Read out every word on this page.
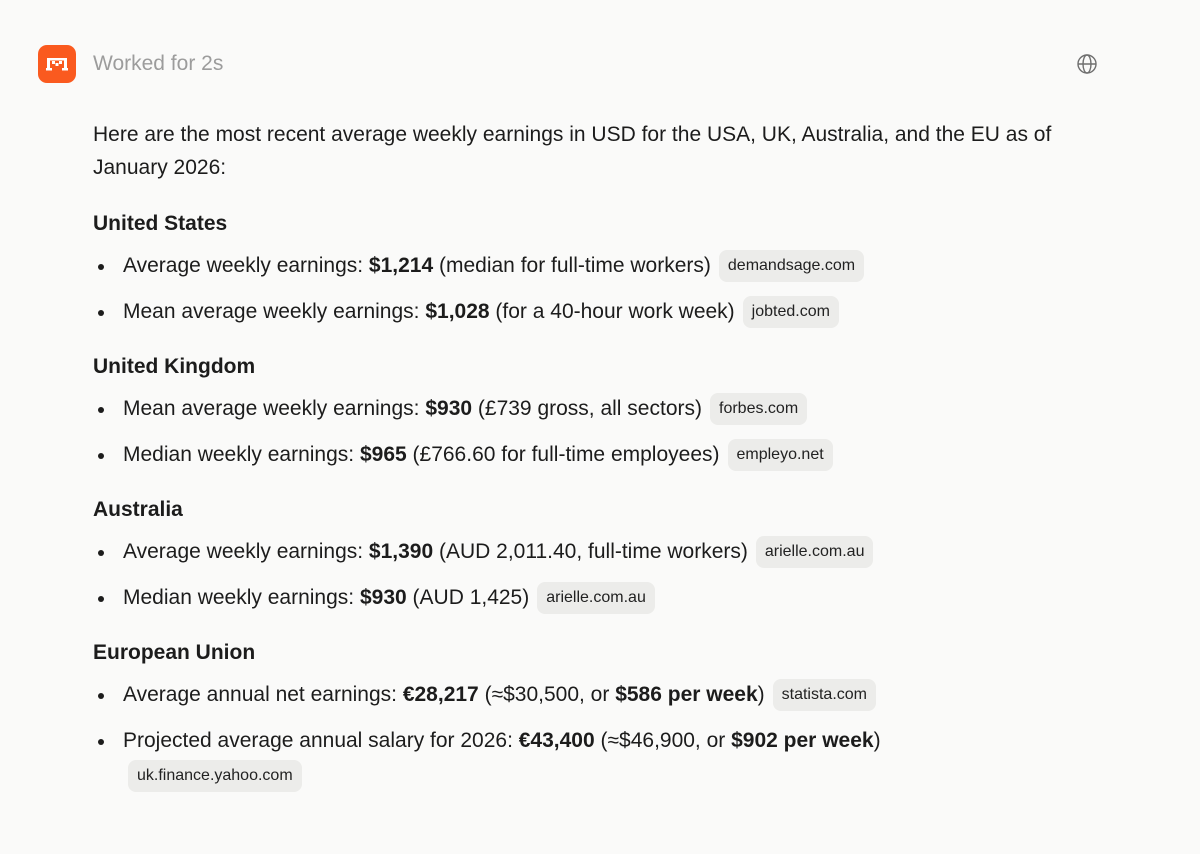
Worked for 2s

Here are the most recent average weekly earnings in USD for the USA, UK, Australia, and the EU as of January 2026:

United States
Average weekly earnings: $1,214 (median for full-time workers) demandsage.com
Mean average weekly earnings: $1,028 (for a 40-hour work week) jobted.com
United Kingdom
Mean average weekly earnings: $930 (£739 gross, all sectors) forbes.com
Median weekly earnings: $965 (£766.60 for full-time employees) empleyo.net
Australia
Average weekly earnings: $1,390 (AUD 2,011.40, full-time workers) arielle.com.au
Median weekly earnings: $930 (AUD 1,425) arielle.com.au
European Union
Average annual net earnings: €28,217 (≈$30,500, or $586 per week) statista.com
Projected average annual salary for 2026: €43,400 (≈$46,900, or $902 per week)
uk.finance.yahoo.com
